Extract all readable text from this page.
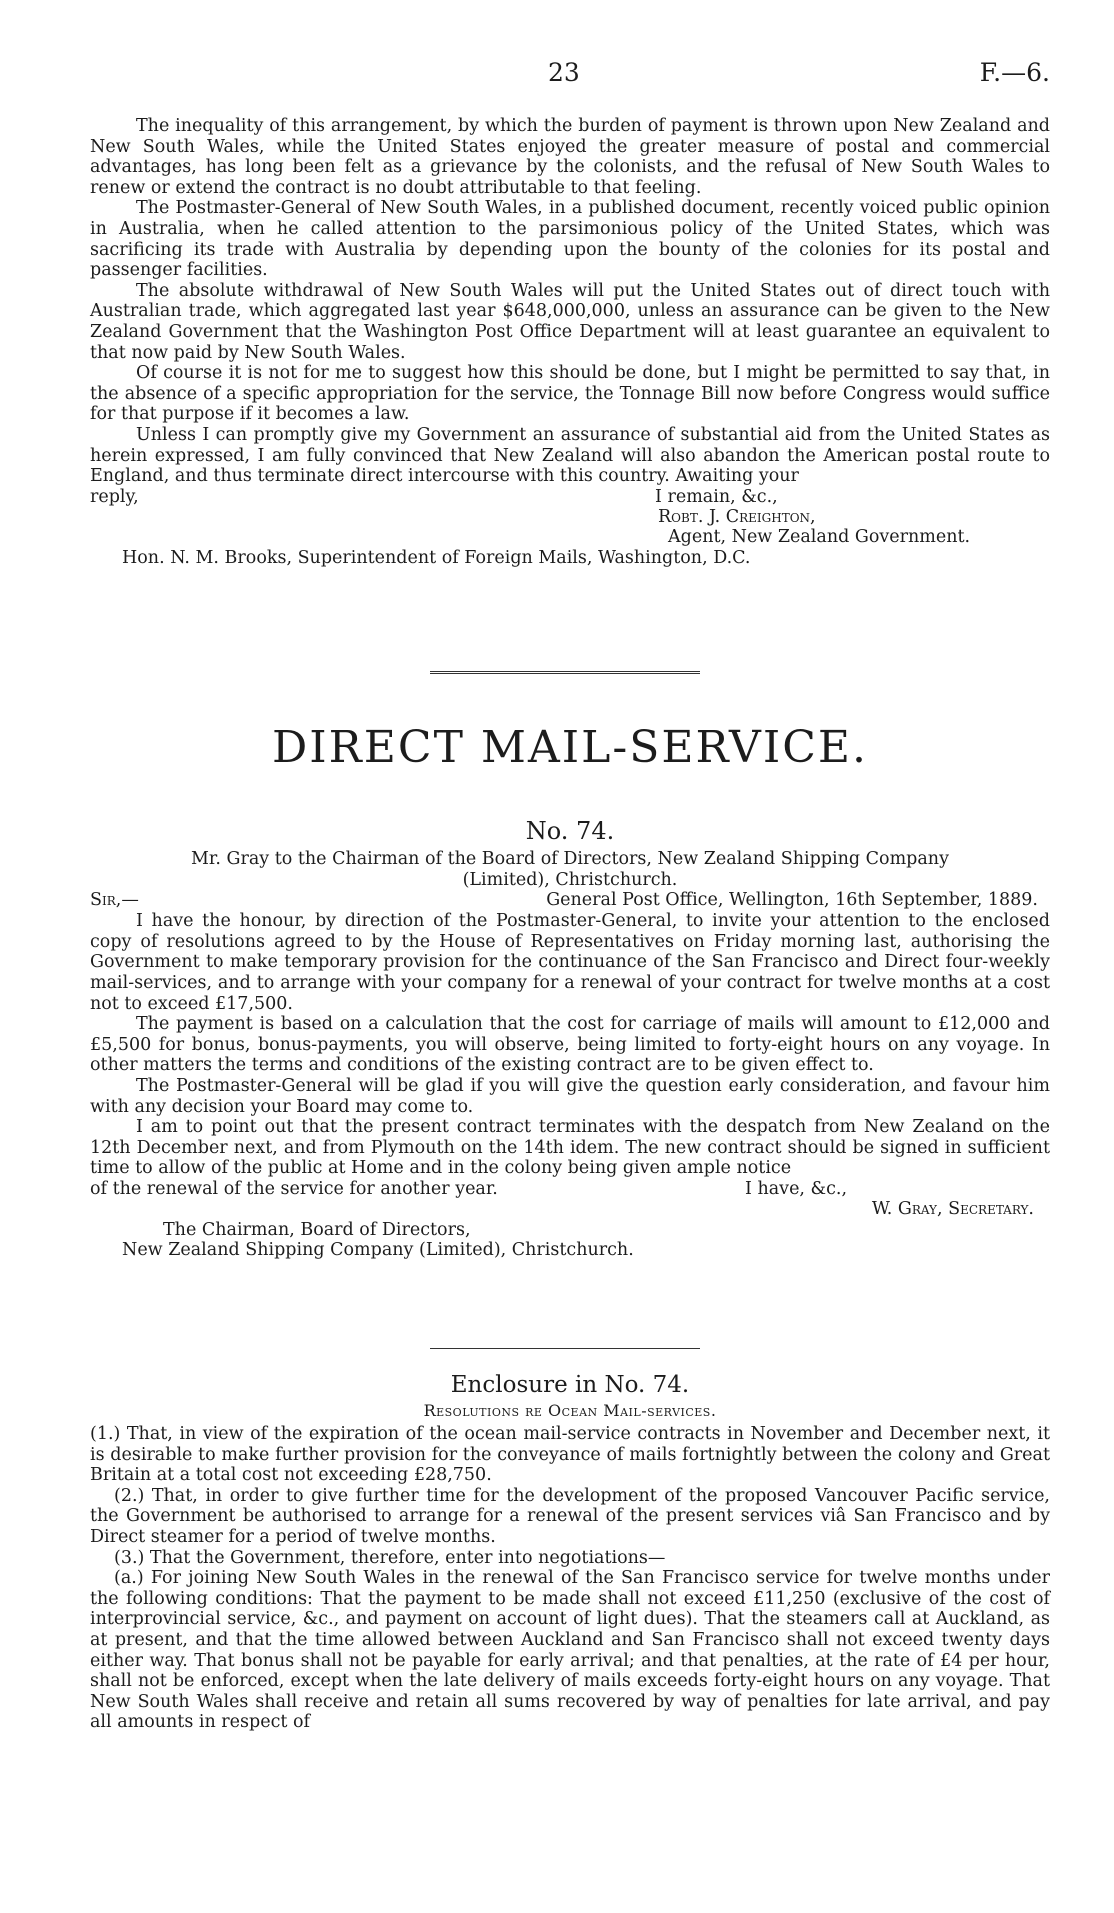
23	F.—6.

The inequality of this arrangement, by which the burden of payment is thrown upon New Zealand and New South Wales, while the United States enjoyed the greater measure of postal and commercial advantages, has long been felt as a grievance by the colonists, and the refusal of New South Wales to renew or extend the contract is no doubt attributable to that feeling.

The Postmaster-General of New South Wales, in a published document, recently voiced public opinion in Australia, when he called attention to the parsimonious policy of the United States, which was sacrificing its trade with Australia by depending upon the bounty of the colonies for its postal and passenger facilities.

The absolute withdrawal of New South Wales will put the United States out of direct touch with Australian trade, which aggregated last year $648,000,000, unless an assurance can be given to the New Zealand Government that the Washington Post Office Department will at least guarantee an equivalent to that now paid by New South Wales.

Of course it is not for me to suggest how this should be done, but I might be permitted to say that, in the absence of a specific appropriation for the service, the Tonnage Bill now before Congress would suffice for that purpose if it becomes a law.

Unless I can promptly give my Government an assurance of substantial aid from the United States as herein expressed, I am fully convinced that New Zealand will also abandon the American postal route to England, and thus terminate direct intercourse with this country. Awaiting your

reply,	I remain, &c.,

Robt. J. Creighton,

Agent, New Zealand Government.

Hon. N. M. Brooks, Superintendent of Foreign Mails, Washington, D.C.

DIRECT MAIL-SERVICE.
No. 74.
Mr. Gray to the Chairman of the Board of Directors, New Zealand Shipping Company
(Limited), Christchurch.
Sir,—	General Post Office, Wellington, 16th September, 1889.

I have the honour, by direction of the Postmaster-General, to invite your attention to the enclosed copy of resolutions agreed to by the House of Representatives on Friday morning last, authorising the Government to make temporary provision for the continuance of the San Francisco and Direct four-weekly mail-services, and to arrange with your company for a renewal of your contract for twelve months at a cost not to exceed £17,500.

The payment is based on a calculation that the cost for carriage of mails will amount to £12,000 and £5,500 for bonus, bonus-payments, you will observe, being limited to forty-eight hours on any voyage. In other matters the terms and conditions of the existing contract are to be given effect to.

The Postmaster-General will be glad if you will give the question early consideration, and favour him with any decision your Board may come to.

I am to point out that the present contract terminates with the despatch from New Zealand on the 12th December next, and from Plymouth on the 14th idem. The new contract should be signed in sufficient time to allow of the public at Home and in the colony being given ample notice

of the renewal of the service for another year.	I have, &c.,

W. Gray, Secretary.

The Chairman, Board of Directors,

New Zealand Shipping Company (Limited), Christchurch.

Enclosure in No. 74.
Resolutions re Ocean Mail-services.

(1.) That, in view of the expiration of the ocean mail-service contracts in November and December next, it is desirable to make further provision for the conveyance of mails fortnightly between the colony and Great Britain at a total cost not exceeding £28,750.

(2.) That, in order to give further time for the development of the proposed Vancouver Pacific service, the Government be authorised to arrange for a renewal of the present services viâ San Francisco and by Direct steamer for a period of twelve months.

(3.) That the Government, therefore, enter into negotiations—

(a.) For joining New South Wales in the renewal of the San Francisco service for twelve months under the following conditions: That the payment to be made shall not exceed £11,250 (exclusive of the cost of interprovincial service, &c., and payment on account of light dues). That the steamers call at Auckland, as at present, and that the time allowed between Auckland and San Francisco shall not exceed twenty days either way. That bonus shall not be payable for early arrival; and that penalties, at the rate of £4 per hour, shall not be enforced, except when the late delivery of mails exceeds forty-eight hours on any voyage. That New South Wales shall receive and retain all sums recovered by way of penalties for late arrival, and pay all amounts in respect of
